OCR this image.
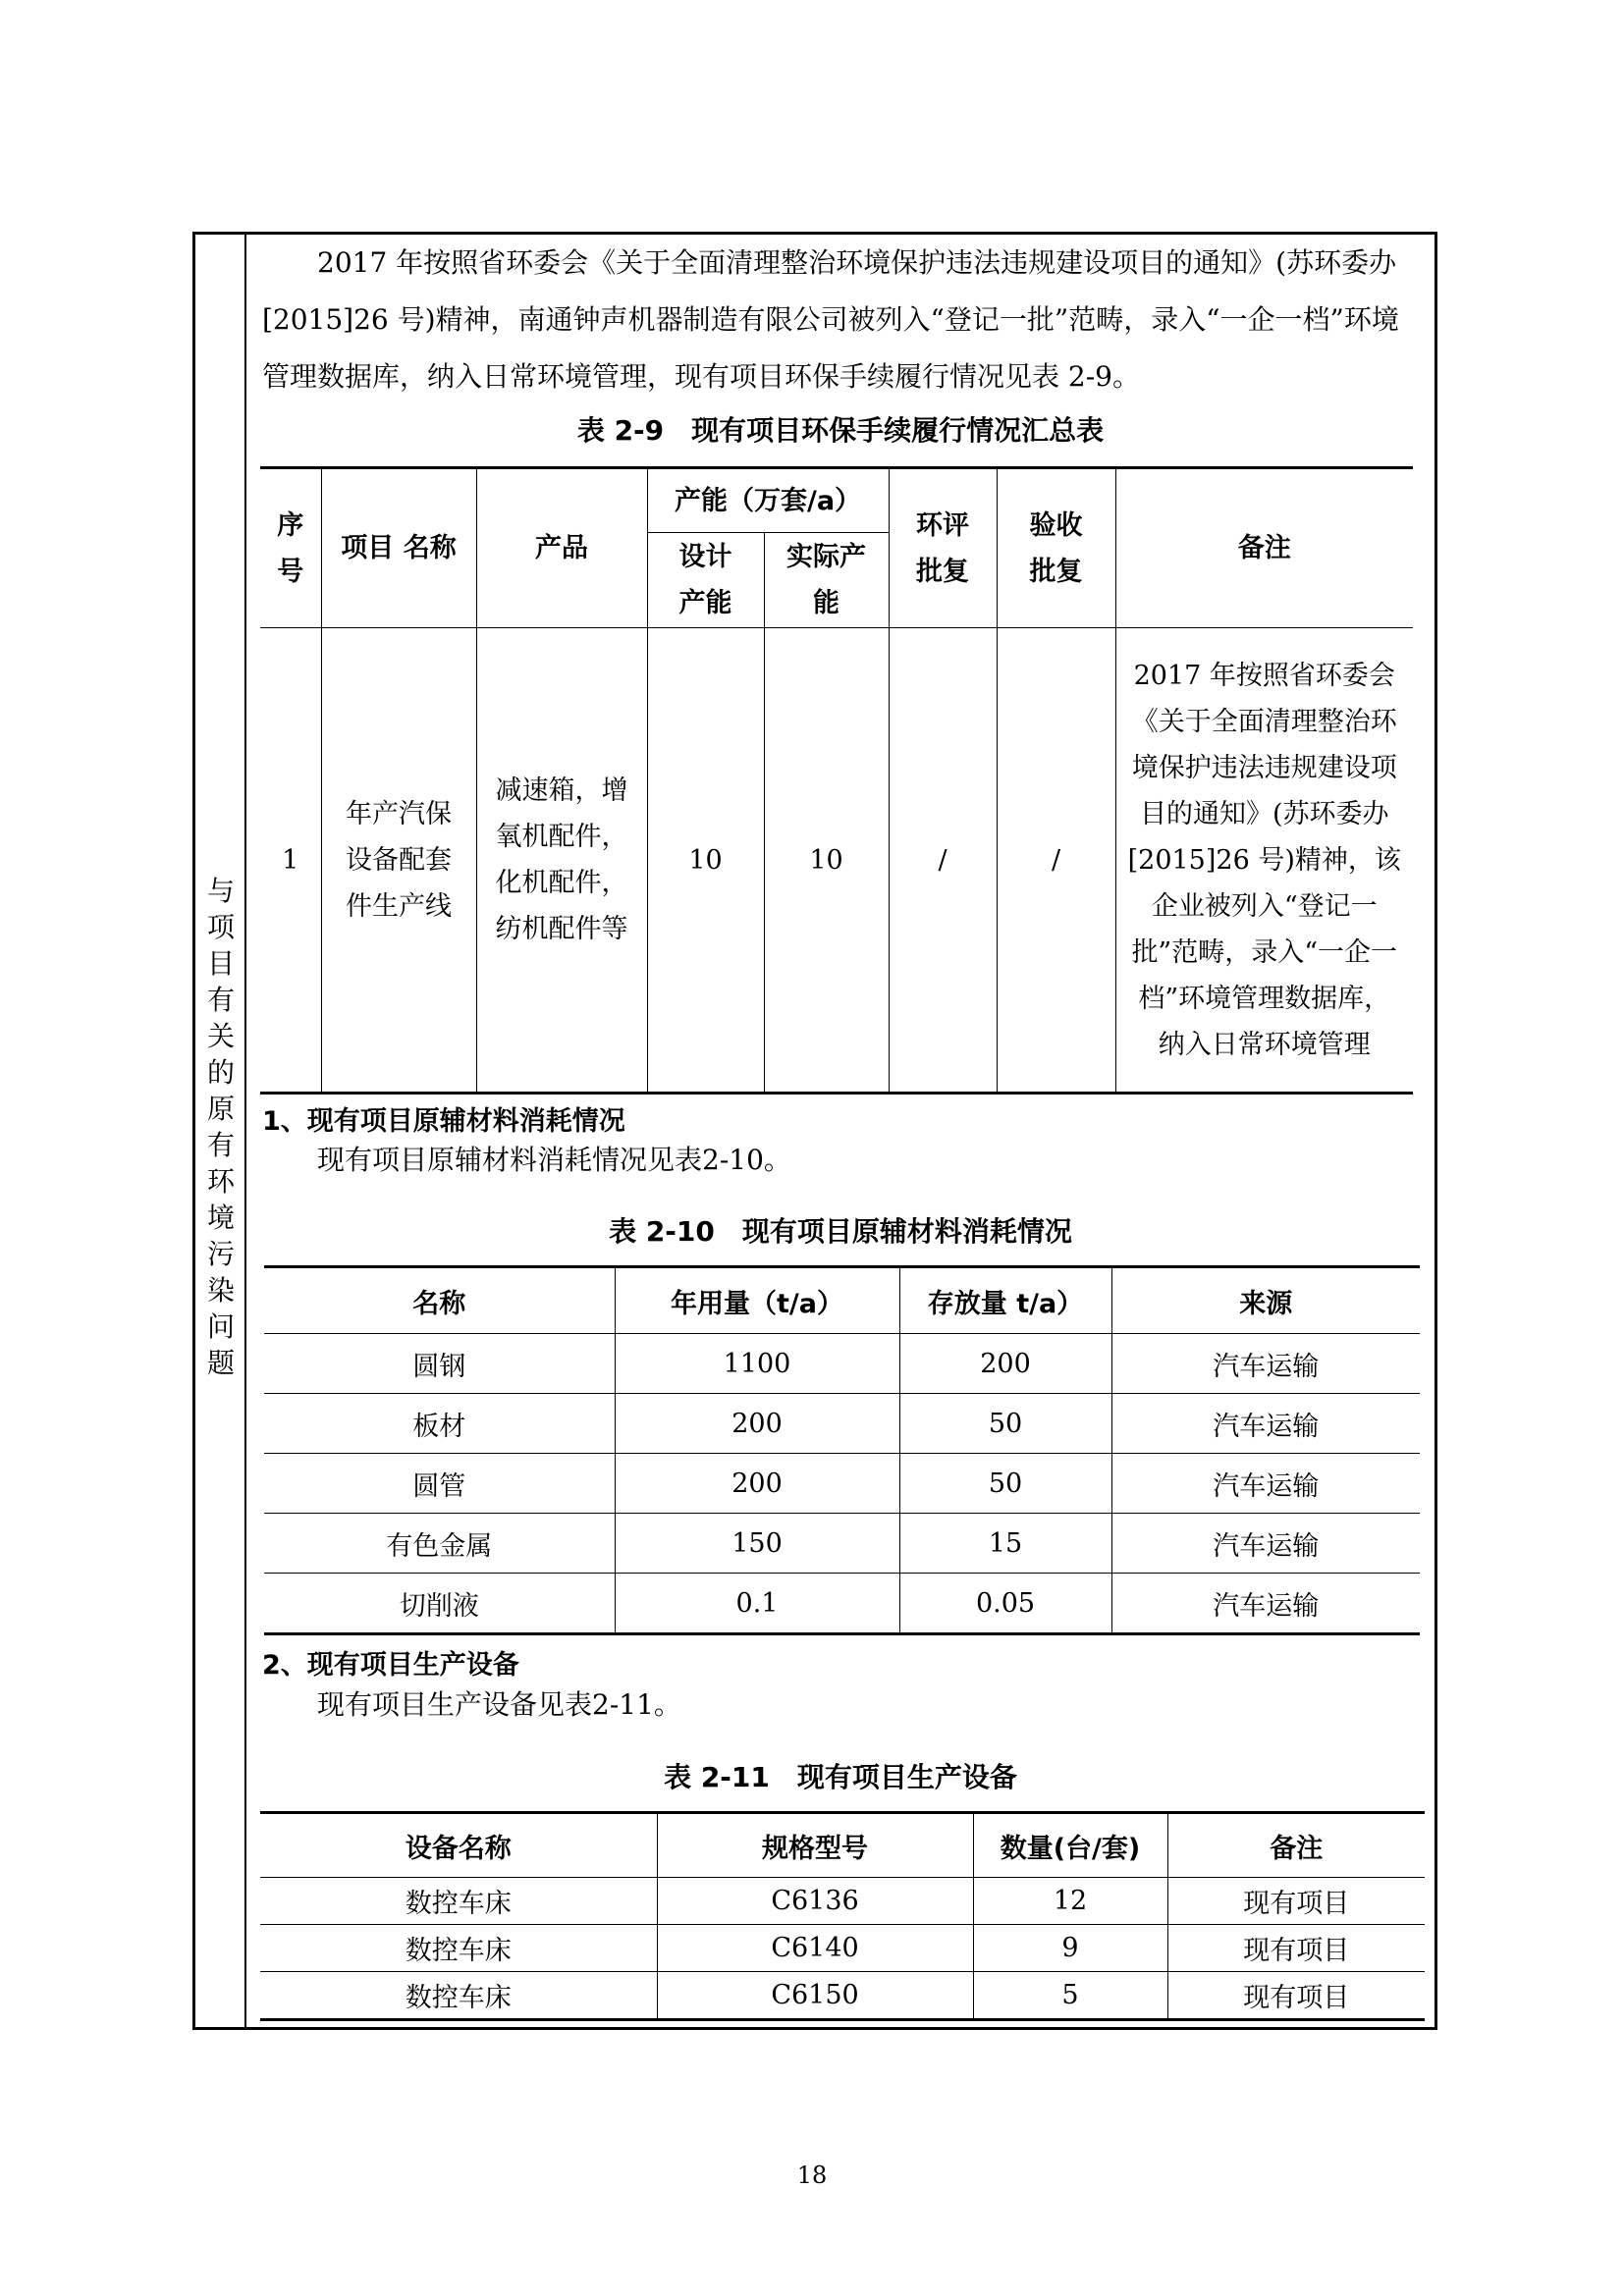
与
项
目
有
关
的
原
有
环
境
污
染
问
题

2017 年按照省环委会《关于全面清理整治环境保护违法违规建设项目的通知》(苏环委办[2015]26 号)精神，南通钟声机器制造有限公司被列入“登记一批”范畴，录入“一企一档”环境管理数据库，纳入日常环境管理，现有项目环保手续履行情况见表 2-9。

表 2-9　现有项目环保手续履行情况汇总表
序号	项目 名称	产品	产能（万套/a）		环评批复	验收批复	备注
			设计产能	实际产能			
1	年产汽保设备配套件生产线	减速箱，增氧机配件，化机配件，纺机配件等	10	10	/	/	2017 年按照省环委会《关于全面清理整治环境保护违法违规建设项目的通知》(苏环委办[2015]26 号)精神，该企业被列入“登记一批”范畴，录入“一企一档”环境管理数据库，纳入日常环境管理
1、现有项目原辅材料消耗情况

现有项目原辅材料消耗情况见表2-10。

表 2-10　现有项目原辅材料消耗情况
名称	年用量（t/a）	存放量 t/a）	来源
圆钢	1100	200	汽车运输
板材	200	50	汽车运输
圆管	200	50	汽车运输
有色金属	150	15	汽车运输
切削液	0.1	0.05	汽车运输
2、现有项目生产设备

现有项目生产设备见表2-11。

表 2-11　现有项目生产设备
设备名称	规格型号	数量(台/套)	备注
数控车床	C6136	12	现有项目
数控车床	C6140	9	现有项目
数控车床	C6150	5	现有项目
18
